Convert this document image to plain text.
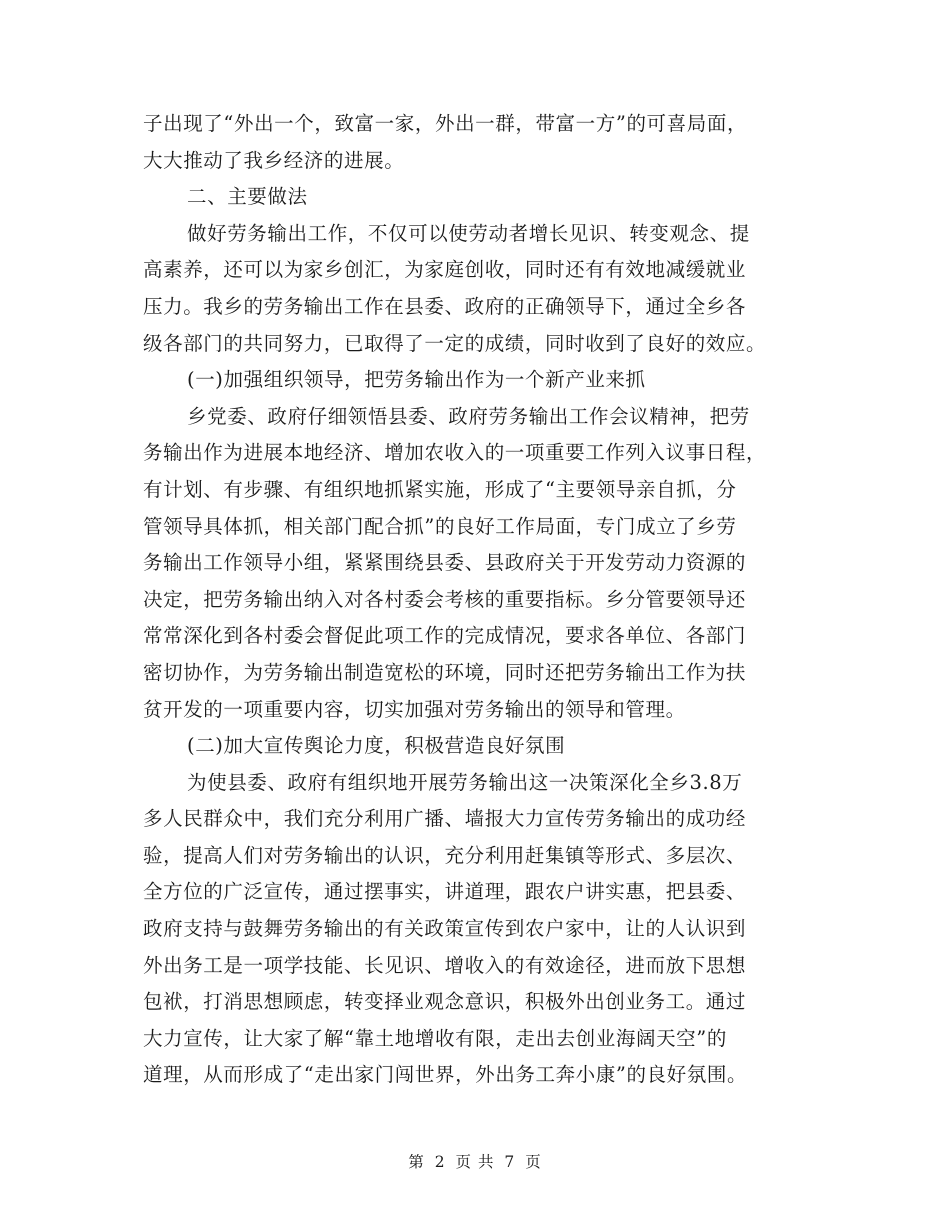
子出现了“外出一个，致富一家，外出一群，带富一方”的可喜局面，
大大推动了我乡经济的进展。
二、主要做法
做好劳务输出工作，不仅可以使劳动者增长见识、转变观念、提
高素养，还可以为家乡创汇，为家庭创收，同时还有有效地减缓就业
压力。我乡的劳务输出工作在县委、政府的正确领导下，通过全乡各
级各部门的共同努力，已取得了一定的成绩，同时收到了良好的效应。
(一)加强组织领导，把劳务输出作为一个新产业来抓
乡党委、政府仔细领悟县委、政府劳务输出工作会议精神，把劳
务输出作为进展本地经济、增加农收入的一项重要工作列入议事日程，
有计划、有步骤、有组织地抓紧实施，形成了“主要领导亲自抓，分
管领导具体抓，相关部门配合抓”的良好工作局面，专门成立了乡劳
务输出工作领导小组，紧紧围绕县委、县政府关于开发劳动力资源的
决定，把劳务输出纳入对各村委会考核的重要指标。乡分管要领导还
常常深化到各村委会督促此项工作的完成情况，要求各单位、各部门
密切协作，为劳务输出制造宽松的环境，同时还把劳务输出工作为扶
贫开发的一项重要内容，切实加强对劳务输出的领导和管理。
(二)加大宣传舆论力度，积极营造良好氛围
为使县委、政府有组织地开展劳务输出这一决策深化全乡3.8万
多人民群众中，我们充分利用广播、墙报大力宣传劳务输出的成功经
验，提高人们对劳务输出的认识，充分利用赶集镇等形式、多层次、
全方位的广泛宣传，通过摆事实，讲道理，跟农户讲实惠，把县委、
政府支持与鼓舞劳务输出的有关政策宣传到农户家中，让的人认识到
外出务工是一项学技能、长见识、增收入的有效途径，进而放下思想
包袱，打消思想顾虑，转变择业观念意识，积极外出创业务工。通过
大力宣传，让大家了解“靠土地增收有限，走出去创业海阔天空”的
道理，从而形成了“走出家门闯世界，外出务工奔小康”的良好氛围。
第 2 页 共 7 页
